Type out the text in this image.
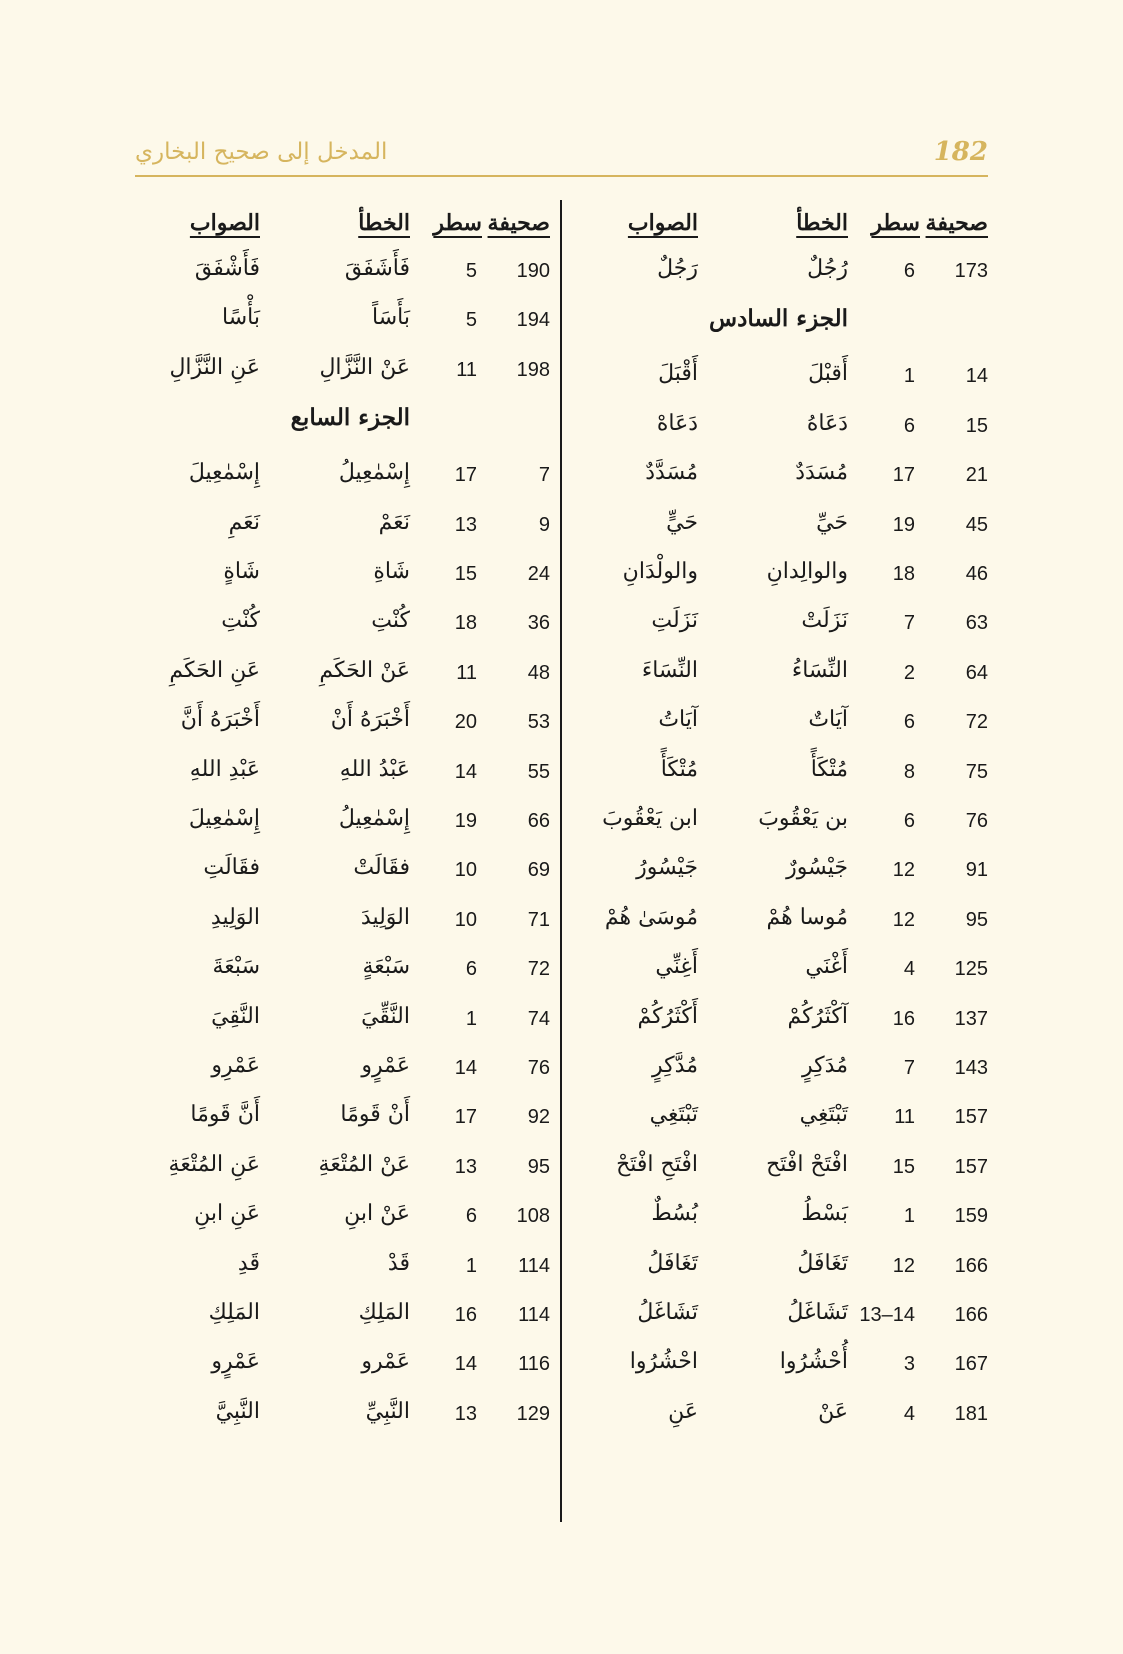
182
المدخل إلى صحيح البخاري
صحيفة
سطر
الخطأ
الصواب
173
6
رُجُلٌ
رَجُلٌ
الجزء السادس
14
1
أَقبْلَ
أَقْبَلَ
15
6
دَعَاهُ
دَعَاهْ
21
17
مُسَدَدٌ
مُسَدَّدٌ
45
19
حَيِّ
حَيٍّ
46
18
والوالِدانِ
والولْدَانِ
63
7
نَزَلَتْ
نَزَلَتِ
64
2
النِّسَاءُ
النِّسَاءَ
72
6
آيَاتٌ
آيَاتُ
75
8
مُتْكَأً
مُتْكَأً
76
6
بن يَعْقُوبَ
ابن يَعْقُوبَ
91
12
جَيْسُورٌ
جَيْسُورُ
95
12
مُوسا هُمْ
مُوسَىٰ هُمْ
125
4
أَغْنَي
أَغِنِّي
137
16
آكْثَرُكُمْ
أَكْثَرُكُمْ
143
7
مُدَكِرٍ
مُدَّكِرٍ
157
11
تَبْتَغِي
تَبْتَغِي
157
15
افْتَحْ افْتَح
افْتَحِ افْتَحْ
159
1
بَسْطُ
بُسُطٌ
166
12
تَغَافَلُ
تَغَافَلُ
166
13–14
تَشَاغَلُ
تَشَاغَلُ
167
3
أُحْشُرُوا
احْشُرُوا
181
4
عَنْ
عَنِ
صحيفة
سطر
الخطأ
الصواب
190
5
فَأَشَفَقَ
فَأَشْفَقَ
194
5
بَأَسَاً
بَأْسًا
198
11
عَنْ النَّزَّالِ
عَنِ النَّزَّالِ
الجزء السابع
7
17
إِسْمٰعِيلُ
إِسْمٰعِيلَ
9
13
نَعَمْ
نَعَمِ
24
15
شَاةِ
شَاةٍ
36
18
كُنْتِ
كُنْتِ
48
11
عَنْ الحَكَمِ
عَنِ الحَكَمِ
53
20
أَخْبَرَهُ أَنْ
أَخْبَرَهُ أَنَّ
55
14
عَبْدُ اللهِ
عَبْدِ اللهِ
66
19
إِسْمٰعِيلُ
إِسْمٰعِيلَ
69
10
فقَالَتْ
فقَالَتِ
71
10
الوَلِيدَ
الوَلِيدِ
72
6
سَبْعَةٍ
سَبْعَةَ
74
1
النَّقِّيَ
النَّقِيَ
76
14
عَمْرٍو
عَمْرِو
92
17
أَنْ قَومًا
أَنَّ قَومًا
95
13
عَنْ المُتْعَةِ
عَنِ المُتْعَةِ
108
6
عَنْ ابنِ
عَنِ ابنِ
114
1
قَدْ
قَدِ
114
16
المَلِكِ
المَلِكِ
116
14
عَمْرو
عَمْرٍو
129
13
النَّبِيِّ
النَّبِيَّ
